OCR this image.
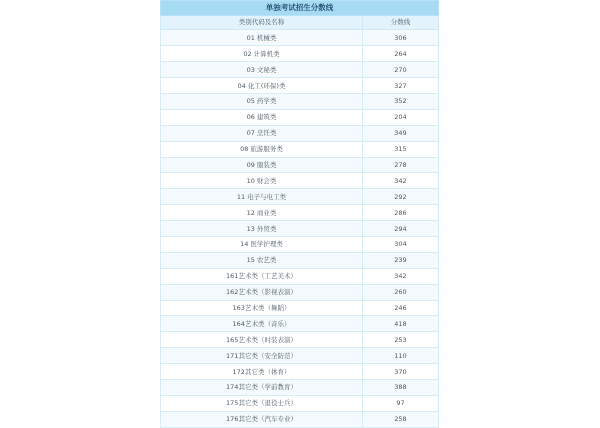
单独考试招生分数线	
类别代码及名称	分数线
01 机械类	306
02 计算机类	264
03 文秘类	270
04 化工(环保)类	327
05 药学类	352
06 建筑类	204
07 烹饪类	349
08 旅游服务类	315
09 服装类	278
10 财会类	342
11 电子与电工类	292
12 商业类	286
13 外贸类	294
14 医学护理类	304
15 农艺类	239
161艺术类（工艺美术）	342
162艺术类（影视表演）	260
163艺术类（舞蹈）	246
164艺术类（音乐）	418
165艺术类（时装表演）	253
171其它类（安全防范）	110
172其它类（体育）	370
174其它类（学前教育）	388
175其它类（退役士兵）	97
176其它类（汽车专业）	258
